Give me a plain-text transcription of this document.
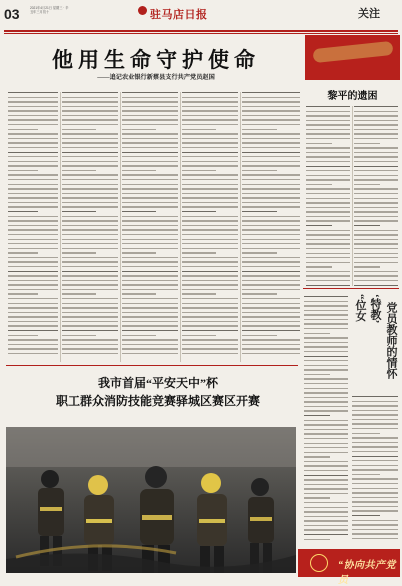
03	2021年4月21日 星期三 · 辛丑年三月初十	驻马店日报	关注
他用生命守护使命
——追记农业银行新蔡县支行共产党员赵国
黎平的遗困
我市首届“平安天中”杯
职工群众消防技能竞赛驿城区赛区开赛
“位女 ‘特教’ 党员教师的情怀
“协向共产党员
